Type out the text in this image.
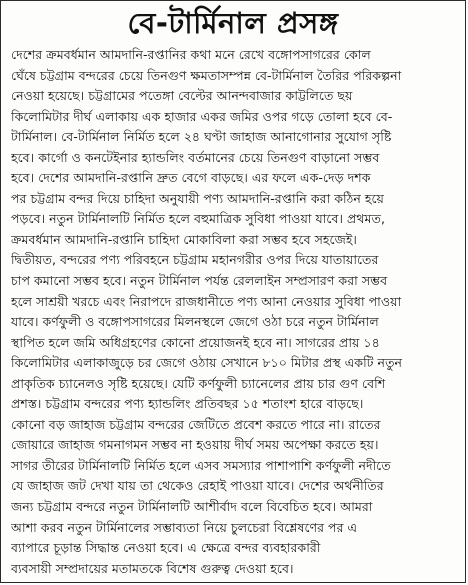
বে-টার্মিনাল প্রসঙ্গ
দেশের ক্রমবর্ধমান আমদানি-রপ্তানির কথা মনে রেখে বঙ্গোপসাগরের কোল
ঘেঁষে চট্টগ্রাম বন্দরের চেয়ে তিনগুণ ক্ষমতাসম্পন্ন বে-টার্মিনাল তৈরির পরিকল্পনা
নেওয়া হয়েছে। চট্টগ্রামের পতেঙ্গা বেল্টের আনন্দবাজার কাট্টলিতে ছয়
কিলোমিটার দীর্ঘ এলাকায় এক হাজার একর জমির ওপর গড়ে তোলা হবে বে-
টার্মিনাল। বে-টার্মিনাল নির্মিত হলে ২৪ ঘণ্টা জাহাজ আনাগোনার সুযোগ সৃষ্টি
হবে। কার্গো ও কনটেইনার হ্যান্ডলিং বর্তমানের চেয়ে তিনগুণ বাড়ানো সম্ভব
হবে। দেশের আমদানি-রপ্তানি দ্রুত বেগে বাড়ছে। এর ফলে এক-দেড় দশক
পর চট্টগ্রাম বন্দর দিয়ে চাহিদা অনুযায়ী পণ্য আমদানি-রপ্তানি করা কঠিন হয়ে
পড়বে। নতুন টার্মিনালটি নির্মিত হলে বহুমাত্রিক সুবিধা পাওয়া যাবে। প্রথমত,
ক্রমবর্ধমান আমদানি-রপ্তানি চাহিদা মোকাবিলা করা সম্ভব হবে সহজেই।
দ্বিতীয়ত, বন্দরের পণ্য পরিবহনে চট্টগ্রাম মহানগরীর ওপর দিয়ে যাতায়াতের
চাপ কমানো সম্ভব হবে। নতুন টার্মিনাল পর্যন্ত রেললাইন সম্প্রসারণ করা সম্ভব
হলে সাশ্রয়ী খরচে এবং নিরাপদে রাজধানীতে পণ্য আনা নেওয়ার সুবিধা পাওয়া
যাবে। কর্ণফুলী ও বঙ্গোপসাগরের মিলনস্থলে জেগে ওঠা চরে নতুন টার্মিনাল
স্থাপিত হলে জমি অধিগ্রহণের কোনো প্রয়োজনই হবে না। সাগরের প্রায় ১৪
কিলোমিটার এলাকাজুড়ে চর জেগে ওঠায় সেখানে ৮১০ মিটার প্রস্থ একটি নতুন
প্রাকৃতিক চ্যানেলও সৃষ্টি হয়েছে। যেটি কর্ণফুলী চ্যানেলের প্রায় চার গুণ বেশি
প্রশস্ত। চট্টগ্রাম বন্দরের পণ্য হ্যান্ডলিং প্রতিবছর ১৫ শতাংশ হারে বাড়ছে।
কোনো বড় জাহাজ চট্টগ্রাম বন্দরের জেটিতে প্রবেশ করতে পারে না। রাতের
জোয়ারে জাহাজ গমনাগমন সম্ভব না হওয়ায় দীর্ঘ সময় অপেক্ষা করতে হয়।
সাগর তীরের টার্মিনালটি নির্মিত হলে এসব সমস্যার পাশাপাশি কর্ণফুলী নদীতে
যে জাহাজ জট দেখা যায় তা থেকেও রেহাই পাওয়া যাবে। দেশের অর্থনীতির
জন্য চট্টগ্রাম বন্দরে নতুন টার্মিনালটি আশীর্বাদ বলে বিবেচিত হবে। আমরা
আশা করব নতুন টার্মিনালের সম্ভাব্যতা নিয়ে চুলচেরা বিশ্লেষণের পর এ
ব্যাপারে চূড়ান্ত সিদ্ধান্ত নেওয়া হবে। এ ক্ষেত্রে বন্দর ব্যবহারকারী
ব্যবসায়ী সম্প্রদায়ের মতামতকে বিশেষ গুরুত্ব দেওয়া হবে।
